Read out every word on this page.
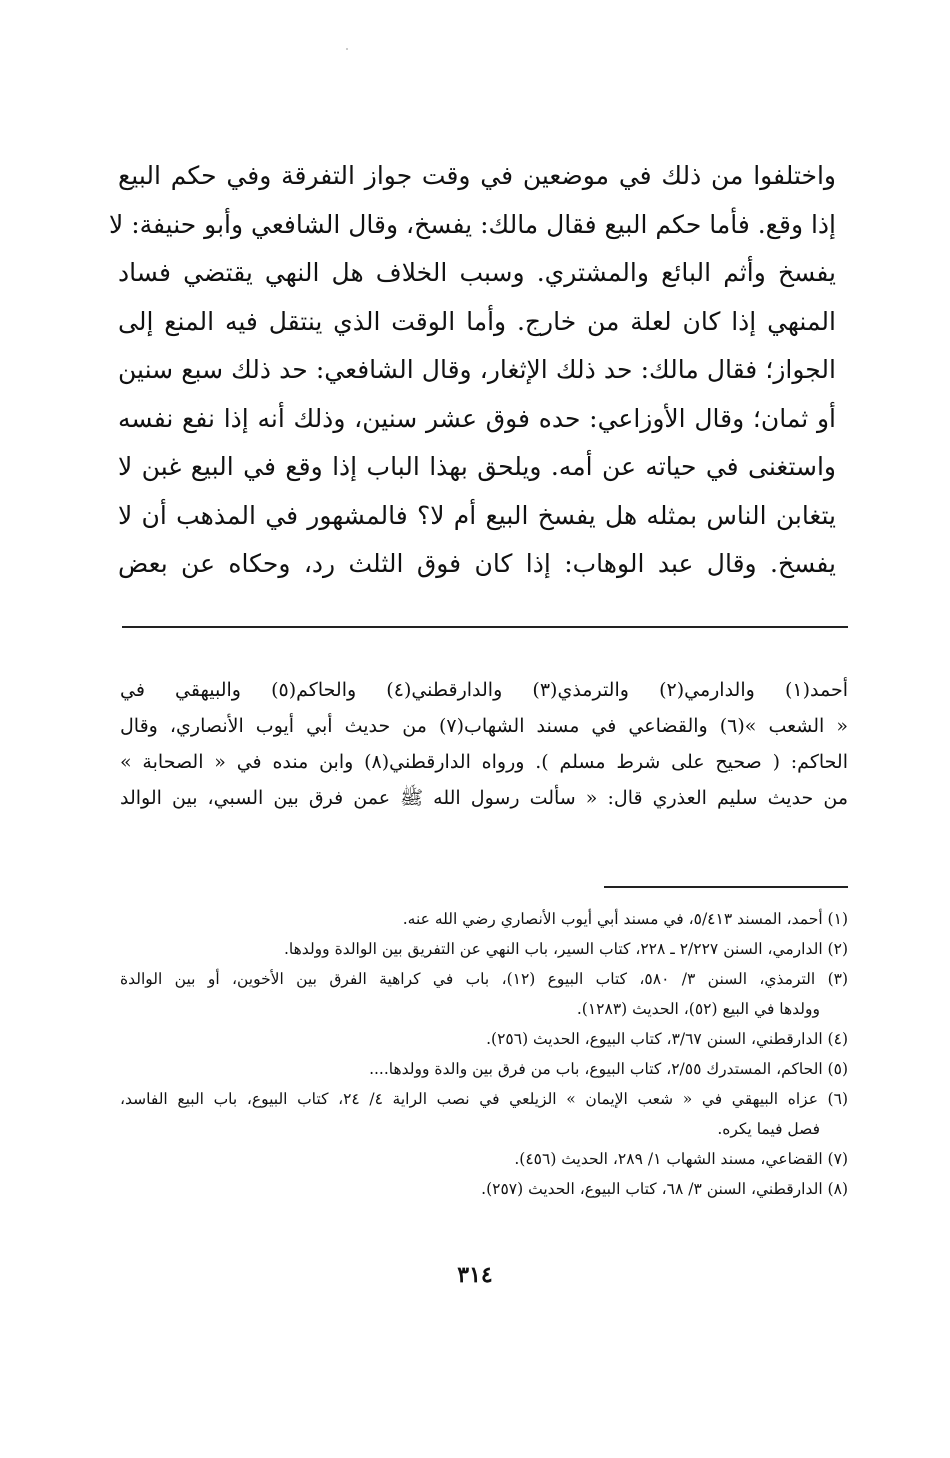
واختلفوا من ذلك في موضعين في وقت جواز التفرقة وفي حكم البيع
إذا وقع. فأما حكم البيع فقال مالك: يفسخ، وقال الشافعي وأبو حنيفة: لا
يفسخ وأثم البائع والمشتري. وسبب الخلاف هل النهي يقتضي فساد
المنهي إذا كان لعلة من خارج. وأما الوقت الذي ينتقل فيه المنع إلى
الجواز؛ فقال مالك: حد ذلك الإثغار، وقال الشافعي: حد ذلك سبع سنين
أو ثمان؛ وقال الأوزاعي: حده فوق عشر سنين، وذلك أنه إذا نفع نفسه
واستغنى في حياته عن أمه. ويلحق بهذا الباب إذا وقع في البيع غبن لا
يتغابن الناس بمثله هل يفسخ البيع أم لا؟ فالمشهور في المذهب أن لا
يفسخ. وقال عبد الوهاب: إذا كان فوق الثلث رد، وحكاه عن بعض
أحمد(١) والدارمي(٢) والترمذي(٣) والدارقطني(٤) والحاكم(٥) والبيهقي في
« الشعب »(٦) والقضاعي في مسند الشهاب(٧) من حديث أبي أيوب الأنصاري، وقال
الحاكم: ( صحيح على شرط مسلم ). ورواه الدارقطني(٨) وابن منده في « الصحابة »
من حديث سليم العذري قال: « سألت رسول الله ﷺ عمن فرق بين السبي، بين الوالد
(١) أحمد، المسند ٥/٤١٣، في مسند أبي أيوب الأنصاري رضي الله عنه.
(٢) الدارمي، السنن ٢/٢٢٧ ـ ٢٢٨، كتاب السير، باب النهي عن التفريق بين الوالدة وولدها.
(٣) الترمذي، السنن ٣/ ٥٨٠، كتاب البيوع (١٢)، باب في كراهية الفرق بين الأخوين، أو بين الوالدة
وولدها في البيع (٥٢)، الحديث (١٢٨٣).
(٤) الدارقطني، السنن ٣/٦٧، كتاب البيوع، الحديث (٢٥٦).
(٥) الحاكم، المستدرك ٢/٥٥، كتاب البيوع، باب من فرق بين والدة وولدها....
(٦) عزاه البيهقي في « شعب الإيمان » الزيلعي في نصب الراية ٤/ ٢٤، كتاب البيوع، باب البيع الفاسد،
فصل فيما يكره.
(٧) القضاعي، مسند الشهاب ١/ ٢٨٩، الحديث (٤٥٦).
(٨) الدارقطني، السنن ٣/ ٦٨، كتاب البيوع، الحديث (٢٥٧).
٣١٤
